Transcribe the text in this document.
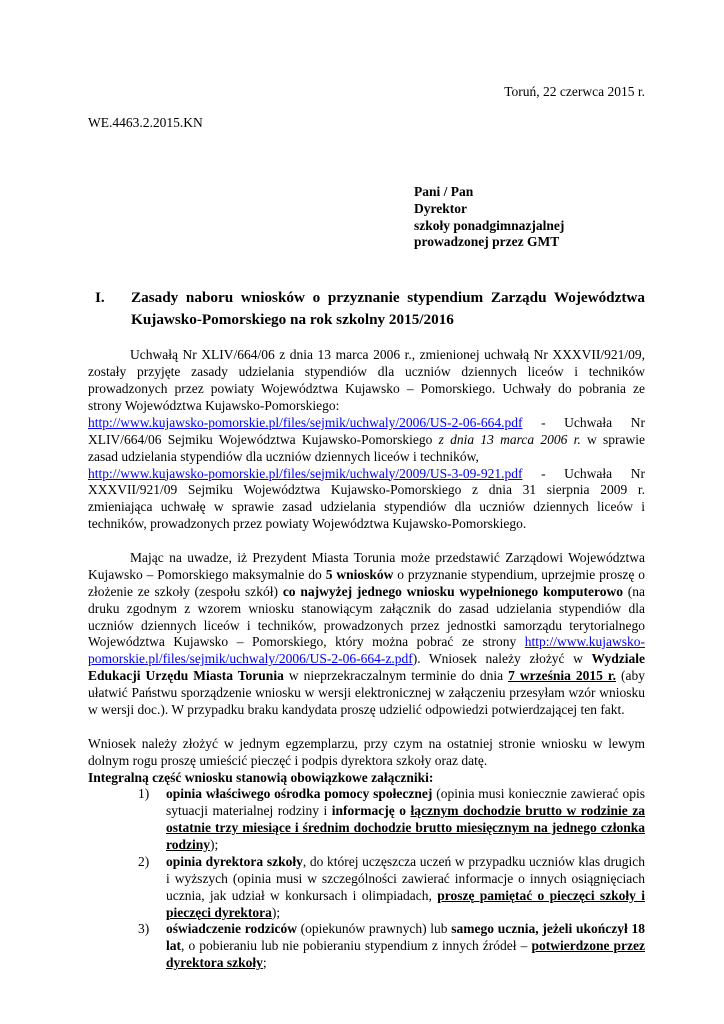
Toruń, 22 czerwca 2015 r.
WE.4463.2.2015.KN
Pani / Pan
Dyrektor
szkoły ponadgimnazjalnej
prowadzonej przez GMT
I. Zasady naboru wniosków o przyznanie stypendium Zarządu Województwa Kujawsko-Pomorskiego na rok szkolny 2015/2016
Uchwałą Nr XLIV/664/06 z dnia 13 marca 2006 r., zmienionej uchwałą Nr XXXVII/921/09, zostały przyjęte zasady udzielania stypendiów dla uczniów dziennych liceów i techników prowadzonych przez powiaty Województwa Kujawsko – Pomorskiego. Uchwały do pobrania ze strony Województwa Kujawsko-Pomorskiego:
http://www.kujawsko-pomorskie.pl/files/sejmik/uchwaly/2006/US-2-06-664.pdf - Uchwała Nr XLIV/664/06 Sejmiku Województwa Kujawsko-Pomorskiego z dnia 13 marca 2006 r. w sprawie zasad udzielania stypendiów dla uczniów dziennych liceów i techników,
http://www.kujawsko-pomorskie.pl/files/sejmik/uchwaly/2009/US-3-09-921.pdf - Uchwała Nr XXXVII/921/09 Sejmiku Województwa Kujawsko-Pomorskiego z dnia 31 sierpnia 2009 r. zmieniająca uchwałę w sprawie zasad udzielania stypendiów dla uczniów dziennych liceów i techników, prowadzonych przez powiaty Województwa Kujawsko-Pomorskiego.
Mając na uwadze, iż Prezydent Miasta Torunia może przedstawić Zarządowi Województwa Kujawsko – Pomorskiego maksymalnie do 5 wniosków o przyznanie stypendium, uprzejmie proszę o złożenie ze szkoły (zespołu szkół) co najwyżej jednego wniosku wypełnionego komputerowo (na druku zgodnym z wzorem wniosku stanowiącym załącznik do zasad udzielania stypendiów dla uczniów dziennych liceów i techników, prowadzonych przez jednostki samorządu terytorialnego Województwa Kujawsko – Pomorskiego, który można pobrać ze strony http://www.kujawsko-pomorskie.pl/files/sejmik/uchwaly/2006/US-2-06-664-z.pdf). Wniosek należy złożyć w Wydziale Edukacji Urzędu Miasta Torunia w nieprzekraczalnym terminie do dnia 7 września 2015 r. (aby ułatwić Państwu sporządzenie wniosku w wersji elektronicznej w załączeniu przesyłam wzór wniosku w wersji doc.). W przypadku braku kandydata proszę udzielić odpowiedzi potwierdzającej ten fakt.
Wniosek należy złożyć w jednym egzemplarzu, przy czym na ostatniej stronie wniosku w lewym dolnym rogu proszę umieścić pieczęć i podpis dyrektora szkoły oraz datę.
Integralną część wniosku stanowią obowiązkowe załączniki:
1) opinia właściwego ośrodka pomocy społecznej (opinia musi koniecznie zawierać opis sytuacji materialnej rodziny i informację o łącznym dochodzie brutto w rodzinie za ostatnie trzy miesiące i średnim dochodzie brutto miesięcznym na jednego członka rodziny);
2) opinia dyrektora szkoły, do której uczęszcza uczeń w przypadku uczniów klas drugich i wyższych (opinia musi w szczególności zawierać informacje o innych osiągnięciach ucznia, jak udział w konkursach i olimpiadach, proszę pamiętać o pieczęci szkoły i pieczęci dyrektora);
3) oświadczenie rodziców (opiekunów prawnych) lub samego ucznia, jeżeli ukończył 18 lat, o pobieraniu lub nie pobieraniu stypendium z innych źródeł – potwierdzone przez dyrektora szkoły;
